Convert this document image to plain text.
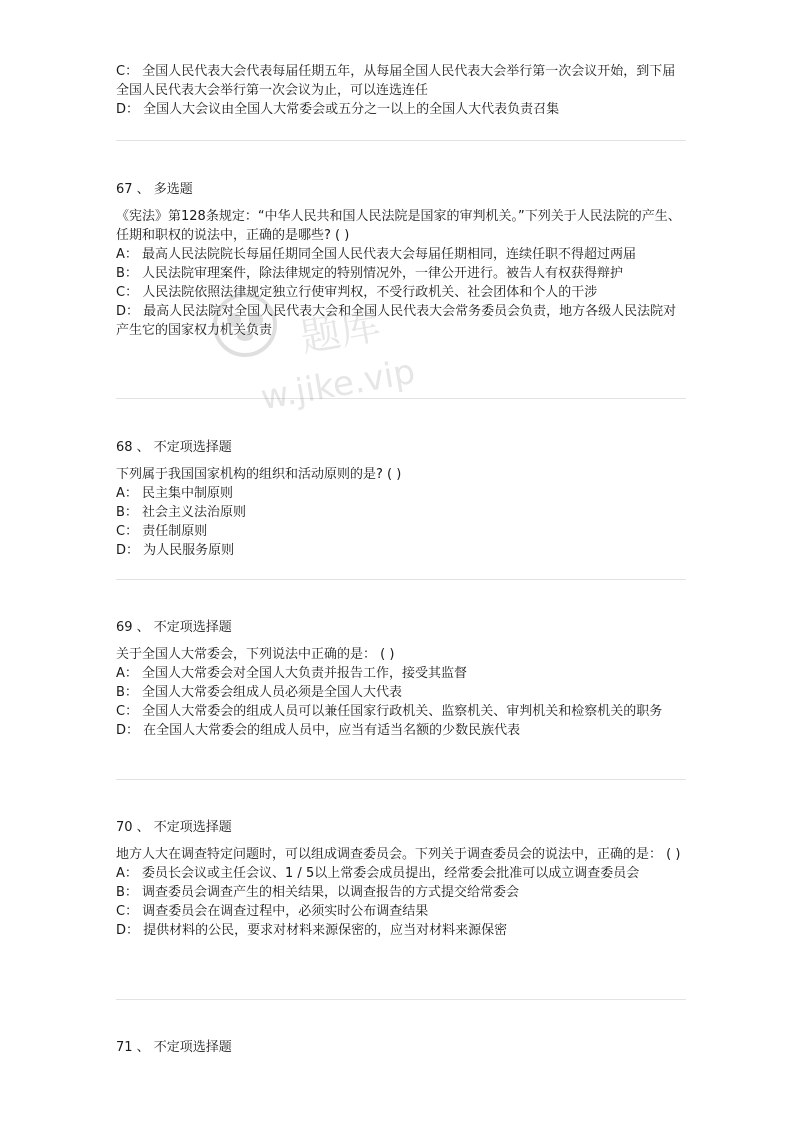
C： 全国人民代表大会代表每届任期五年，从每届全国人民代表大会举行第一次会议开始，到下届全国人民代表大会举行第一次会议为止，可以连选连任
D： 全国人大会议由全国人大常委会或五分之一以上的全国人大代表负责召集
67 、 多选题
《宪法》第128条规定：“中华人民共和国人民法院是国家的审判机关。”下列关于人民法院的产生、任期和职权的说法中，正确的是哪些? ( )
A： 最高人民法院院长每届任期同全国人民代表大会每届任期相同，连续任职不得超过两届
B： 人民法院审理案件，除法律规定的特别情况外，一律公开进行。被告人有权获得辩护
C： 人民法院依照法律规定独立行使审判权，不受行政机关、社会团体和个人的干涉
D： 最高人民法院对全国人民代表大会和全国人民代表大会常务委员会负责，地方各级人民法院对产生它的国家权力机关负责
68 、 不定项选择题
下列属于我国国家机构的组织和活动原则的是? ( )
A： 民主集中制原则
B： 社会主义法治原则
C： 责任制原则
D： 为人民服务原则
69 、 不定项选择题
关于全国人大常委会，下列说法中正确的是： ( )
A： 全国人大常委会对全国人大负责并报告工作，接受其监督
B： 全国人大常委会组成人员必须是全国人大代表
C： 全国人大常委会的组成人员可以兼任国家行政机关、监察机关、审判机关和检察机关的职务
D： 在全国人大常委会的组成人员中，应当有适当名额的少数民族代表
70 、 不定项选择题
地方人大在调查特定问题时，可以组成调查委员会。下列关于调查委员会的说法中，正确的是： ( )
A： 委员长会议或主任会议、1 / 5以上常委会成员提出，经常委会批准可以成立调查委员会
B： 调查委员会调查产生的相关结果，以调查报告的方式提交给常委会
C： 调查委员会在调查过程中，必须实时公布调查结果
D： 提供材料的公民，要求对材料来源保密的，应当对材料来源保密
71 、 不定项选择题
题库
w.jike.vip
